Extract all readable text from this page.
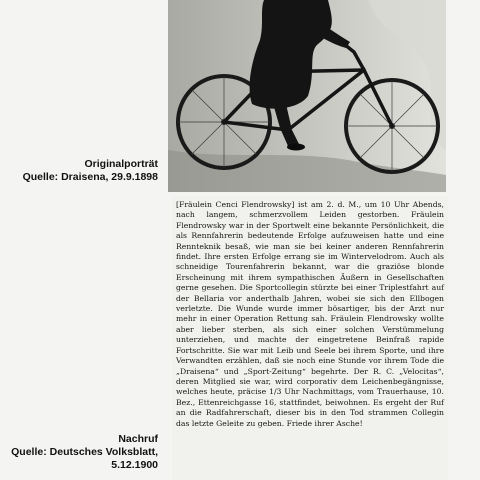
Originalporträt
Quelle: Draisena, 29.9.1898

[Fräulein Cenci Flendrowsky] ist am 2. d. M., um 10 Uhr Abends, nach langem, schmerzvollem Leiden gestorben. Fräulein Flendrowsky war in der Sportwelt eine bekannte Persönlichkeit, die als Rennfahrerin bedeutende Erfolge aufzuweisen hatte und eine Rennteknik besaß, wie man sie bei keiner anderen Rennfahrerin findet. Ihre ersten Erfolge errang sie im Wintervelodrom. Auch als schneidige Tourenfahrerin bekannt, war die graziöse blonde Erscheinung mit ihrem sympathischen Äußern in Gesellschaften gerne gesehen. Die Sportcollegin stürzte bei einer Triplestfahrt auf der Bellaria vor anderthalb Jahren, wobei sie sich den Ellbogen verletzte. Die Wunde wurde immer bösartiger, bis der Arzt nur mehr in einer Operation Rettung sah. Fräulein Flendrowsky wollte aber lieber sterben, als sich einer solchen Verstümmelung unterziehen, und machte der eingetretene Beinfraß rapide Fortschritte. Sie war mit Leib und Seele bei ihrem Sporte, und ihre Verwandten erzählen, daß sie noch eine Stunde vor ihrem Tode die „Draisena“ und „Sport-Zeitung“ begehrte. Der R. C. „Velocitas“, deren Mitglied sie war, wird corporativ dem Leichenbegängnisse, welches heute, präcise 1/3 Uhr Nachmittags, vom Trauerhause, 10. Bez., Ettenreichgasse 16, stattfindet, beiwohnen. Es ergeht der Ruf an die Radfahrerschaft, dieser bis in den Tod strammen Collegin das letzte Geleite zu geben. Friede ihrer Asche!

Nachruf
Quelle: Deutsches Volksblatt,
5.12.1900
